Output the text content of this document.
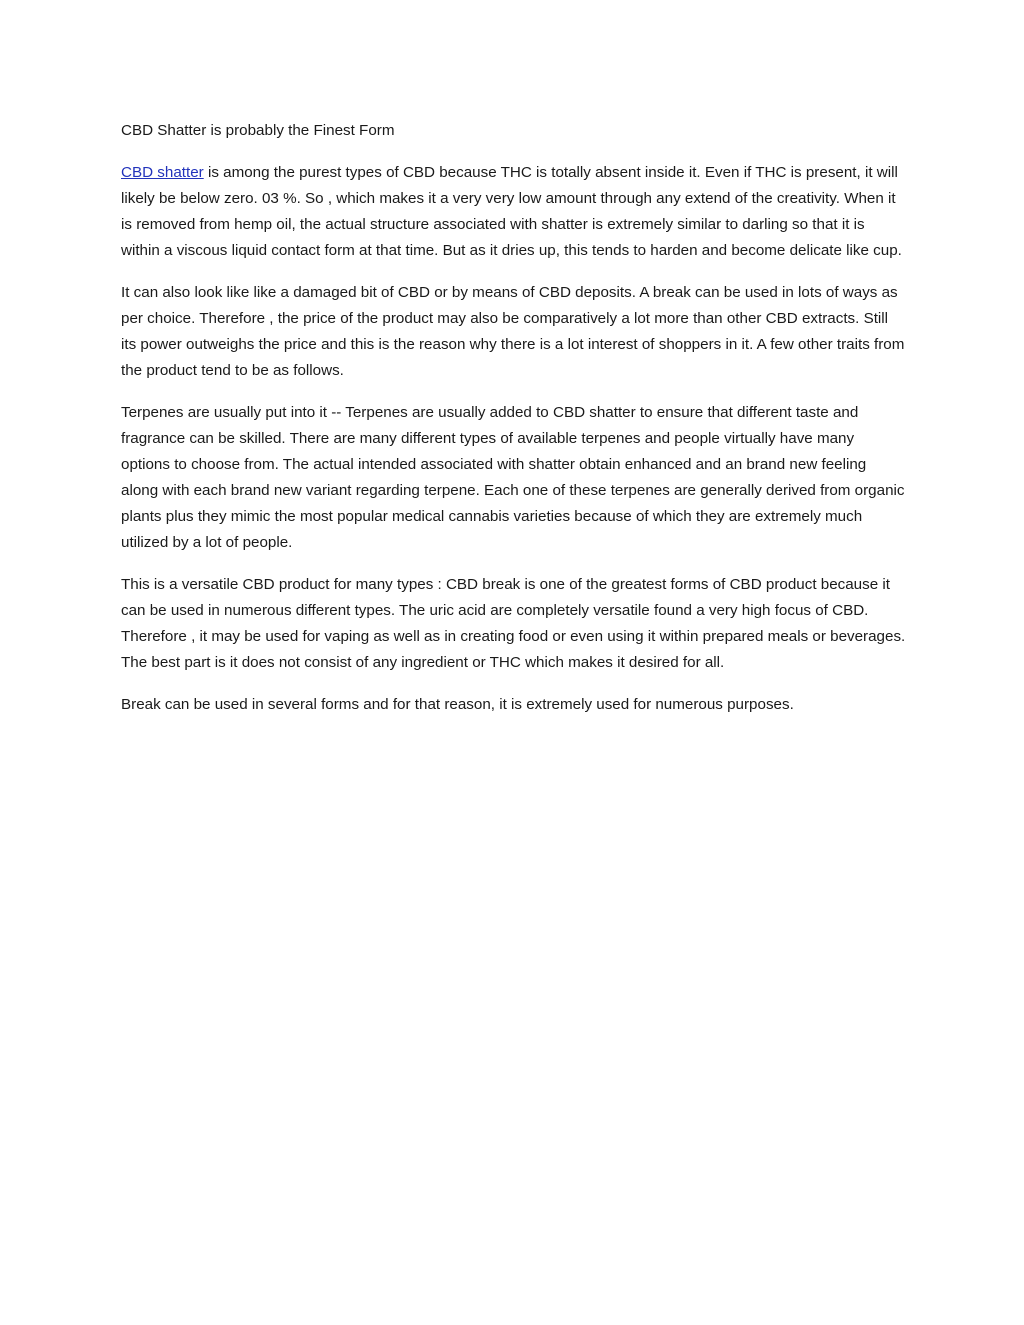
CBD Shatter is probably the Finest Form

CBD shatter is among the purest types of CBD because THC is totally absent inside it. Even if THC is present, it will likely be below zero. 03 %. So , which makes it a very very low amount through any extend of the creativity. When it is removed from hemp oil, the actual structure associated with shatter is extremely similar to darling so that it is within a viscous liquid contact form at that time. But as it dries up, this tends to harden and become delicate like cup.

It can also look like like a damaged bit of CBD or by means of CBD deposits. A break can be used in lots of ways as per choice. Therefore , the price of the product may also be comparatively a lot more than other CBD extracts. Still its power outweighs the price and this is the reason why there is a lot interest of shoppers in it. A few other traits from the product tend to be as follows.

Terpenes are usually put into it -- Terpenes are usually added to CBD shatter to ensure that different taste and fragrance can be skilled. There are many different types of available terpenes and people virtually have many options to choose from. The actual intended associated with shatter obtain enhanced and an brand new feeling along with each brand new variant regarding terpene. Each one of these terpenes are generally derived from organic plants plus they mimic the most popular medical cannabis varieties because of which they are extremely much utilized by a lot of people.

This is a versatile CBD product for many types : CBD break is one of the greatest forms of CBD product because it can be used in numerous different types. The uric acid are completely versatile found a very high focus of CBD. Therefore , it may be used for vaping as well as in creating food or even using it within prepared meals or beverages. The best part is it does not consist of any ingredient or THC which makes it desired for all.

Break can be used in several forms and for that reason, it is extremely used for numerous purposes.
